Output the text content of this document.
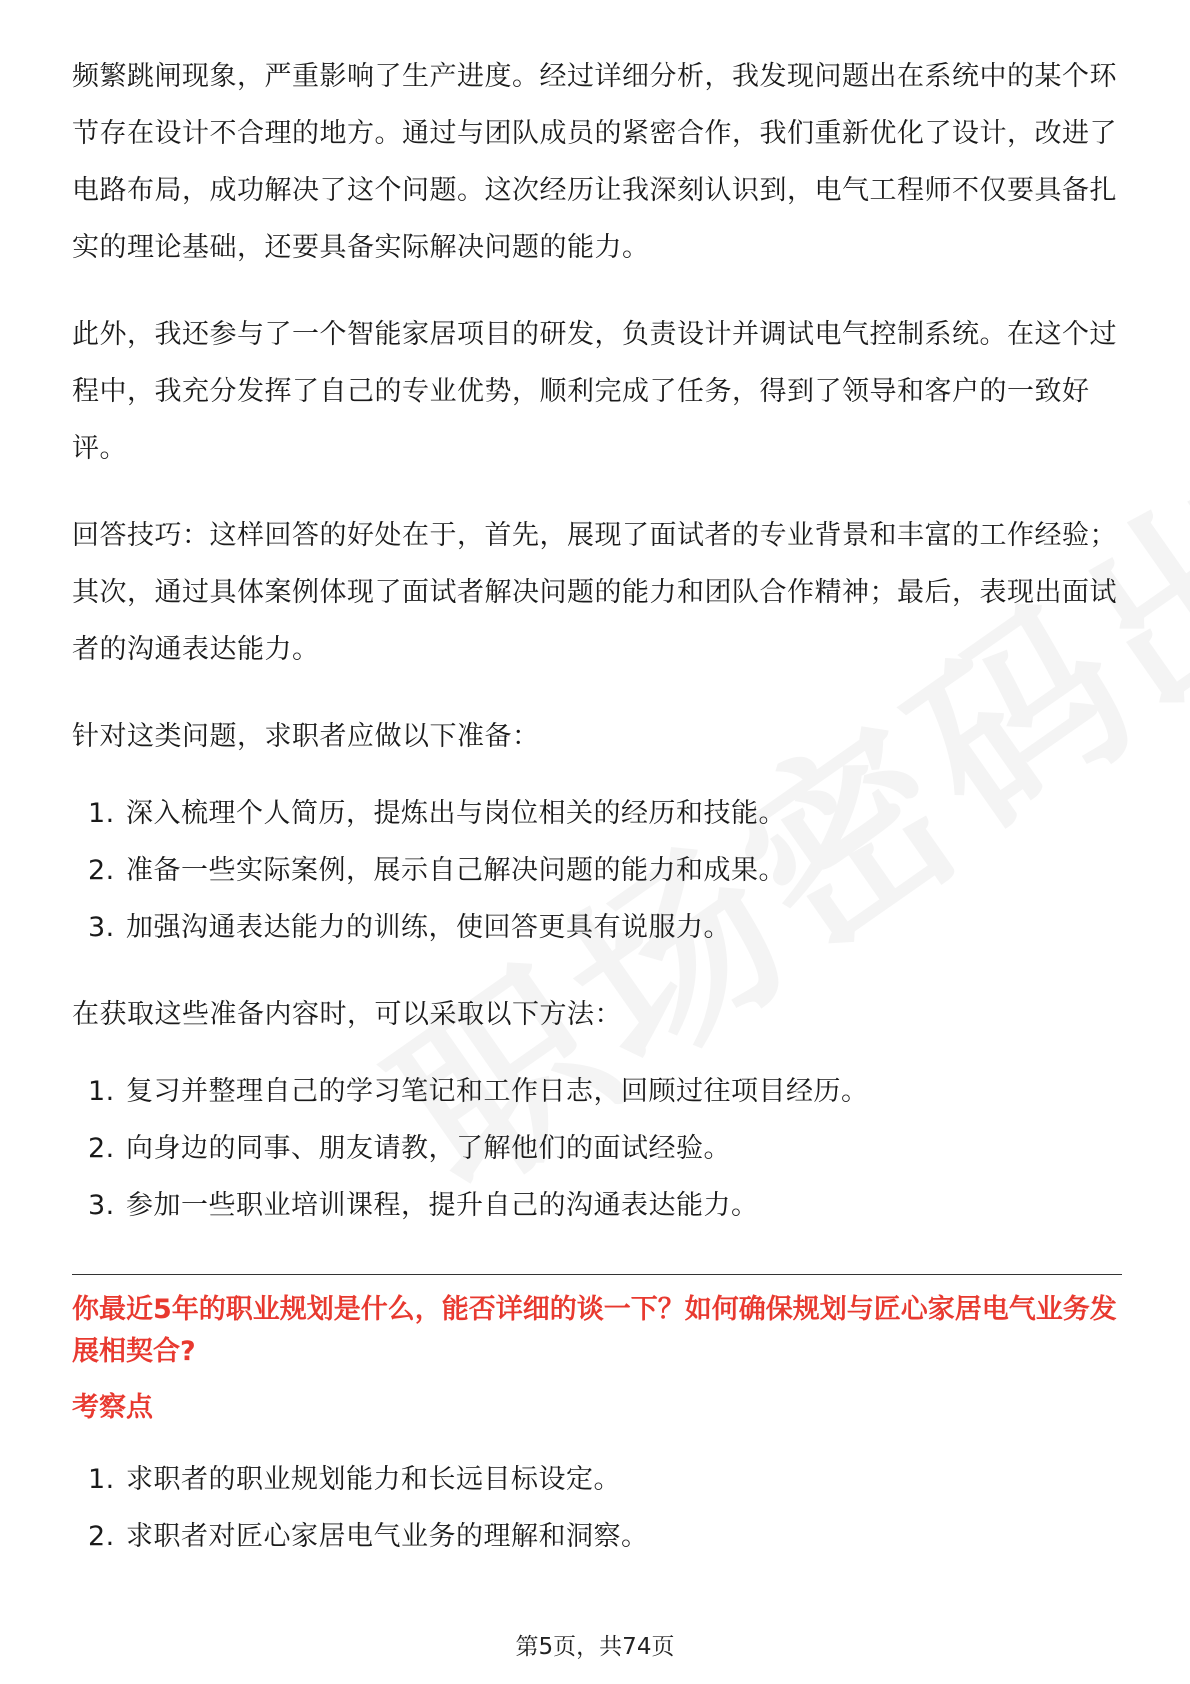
频繁跳闸现象，严重影响了生产进度。经过详细分析，我发现问题出在系统中的某个环节存在设计不合理的地方。通过与团队成员的紧密合作，我们重新优化了设计，改进了电路布局，成功解决了这个问题。这次经历让我深刻认识到，电气工程师不仅要具备扎实的理论基础，还要具备实际解决问题的能力。

此外，我还参与了一个智能家居项目的研发，负责设计并调试电气控制系统。在这个过程中，我充分发挥了自己的专业优势，顺利完成了任务，得到了领导和客户的一致好评。

回答技巧：这样回答的好处在于，首先，展现了面试者的专业背景和丰富的工作经验；其次，通过具体案例体现了面试者解决问题的能力和团队合作精神；最后，表现出面试者的沟通表达能力。

针对这类问题，求职者应做以下准备：

1. 深入梳理个人简历，提炼出与岗位相关的经历和技能。
2. 准备一些实际案例，展示自己解决问题的能力和成果。
3. 加强沟通表达能力的训练，使回答更具有说服力。

在获取这些准备内容时，可以采取以下方法：

1. 复习并整理自己的学习笔记和工作日志，回顾过往项目经历。
2. 向身边的同事、朋友请教，了解他们的面试经验。
3. 参加一些职业培训课程，提升自己的沟通表达能力。
你最近5年的职业规划是什么，能否详细的谈一下？如何确保规划与匠心家居电气业务发展相契合?
考察点
1. 求职者的职业规划能力和长远目标设定。
2. 求职者对匠心家居电气业务的理解和洞察。
第5页，共74页
